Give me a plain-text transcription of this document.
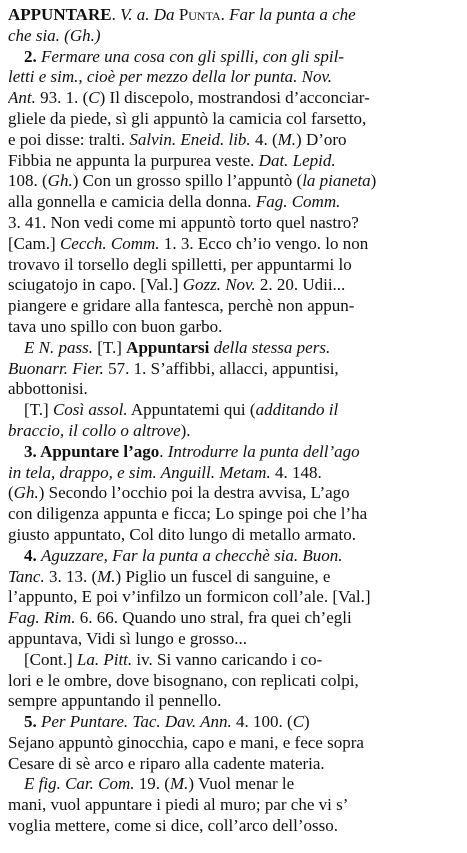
APPUNTARE. V. a. Da Punta. Far la punta a che
che sia. (Gh.)
2. Fermare una cosa con gli spilli, con gli spil-
letti e sim., cioè per mezzo della lor punta. Nov.
Ant. 93. 1. (C) Il discepolo, mostrandosi d’acconciar-
gliele da piede, sì gli appuntò la camicia col farsetto,
e poi disse: tralti. Salvin. Eneid. lib. 4. (M.) D’oro
Fibbia ne appunta la purpurea veste. Dat. Lepid.
108. (Gh.) Con un grosso spillo l’appuntò (la pianeta)
alla gonnella e camicia della donna. Fag. Comm.
3. 41. Non vedi come mi appuntò torto quel nastro?
[Cam.] Cecch. Comm. 1. 3. Ecco ch’io vengo. lo non
trovavo il torsello degli spilletti, per appuntarmi lo
sciugatojo in capo. [Val.] Gozz. Nov. 2. 20. Udii...
piangere e gridare alla fantesca, perchè non appun-
tava uno spillo con buon garbo.
E N. pass. [T.] Appuntarsi della stessa pers.
Buonarr. Fier. 57. 1. S’affibbi, allacci, appuntisi,
abbottonisi.
[T.] Così assol. Appuntatemi qui (additando il
braccio, il collo o altrove).
3. Appuntare l’ago. Introdurre la punta dell’ago
in tela, drappo, e sim. Anguill. Metam. 4. 148.
(Gh.) Secondo l’occhio poi la destra avvisa, L’ago
con diligenza appunta e ficca; Lo spinge poi che l’ha
giusto appuntato, Col dito lungo di metallo armato.
4. Aguzzare, Far la punta a checchè sia. Buon.
Tanc. 3. 13. (M.) Piglio un fuscel di sanguine, e
l’appunto, E poi v’infilzo un formicon coll’ale. [Val.]
Fag. Rim. 6. 66. Quando uno stral, fra quei ch’egli
appuntava, Vidi sì lungo e grosso...
[Cont.] La. Pitt. iv. Si vanno caricando i co-
lori e le ombre, dove bisognano, con replicati colpi,
sempre appuntando il pennello.
5. Per Puntare. Tac. Dav. Ann. 4. 100. (C)
Sejano appuntò ginocchia, capo e mani, e fece sopra
Cesare di sè arco e riparo alla cadente materia.
E fig. Car. Com. 19. (M.) Vuol menar le
mani, vuol appuntare i piedi al muro; par che vi s’
voglia mettere, come si dice, coll’arco dell’osso.
